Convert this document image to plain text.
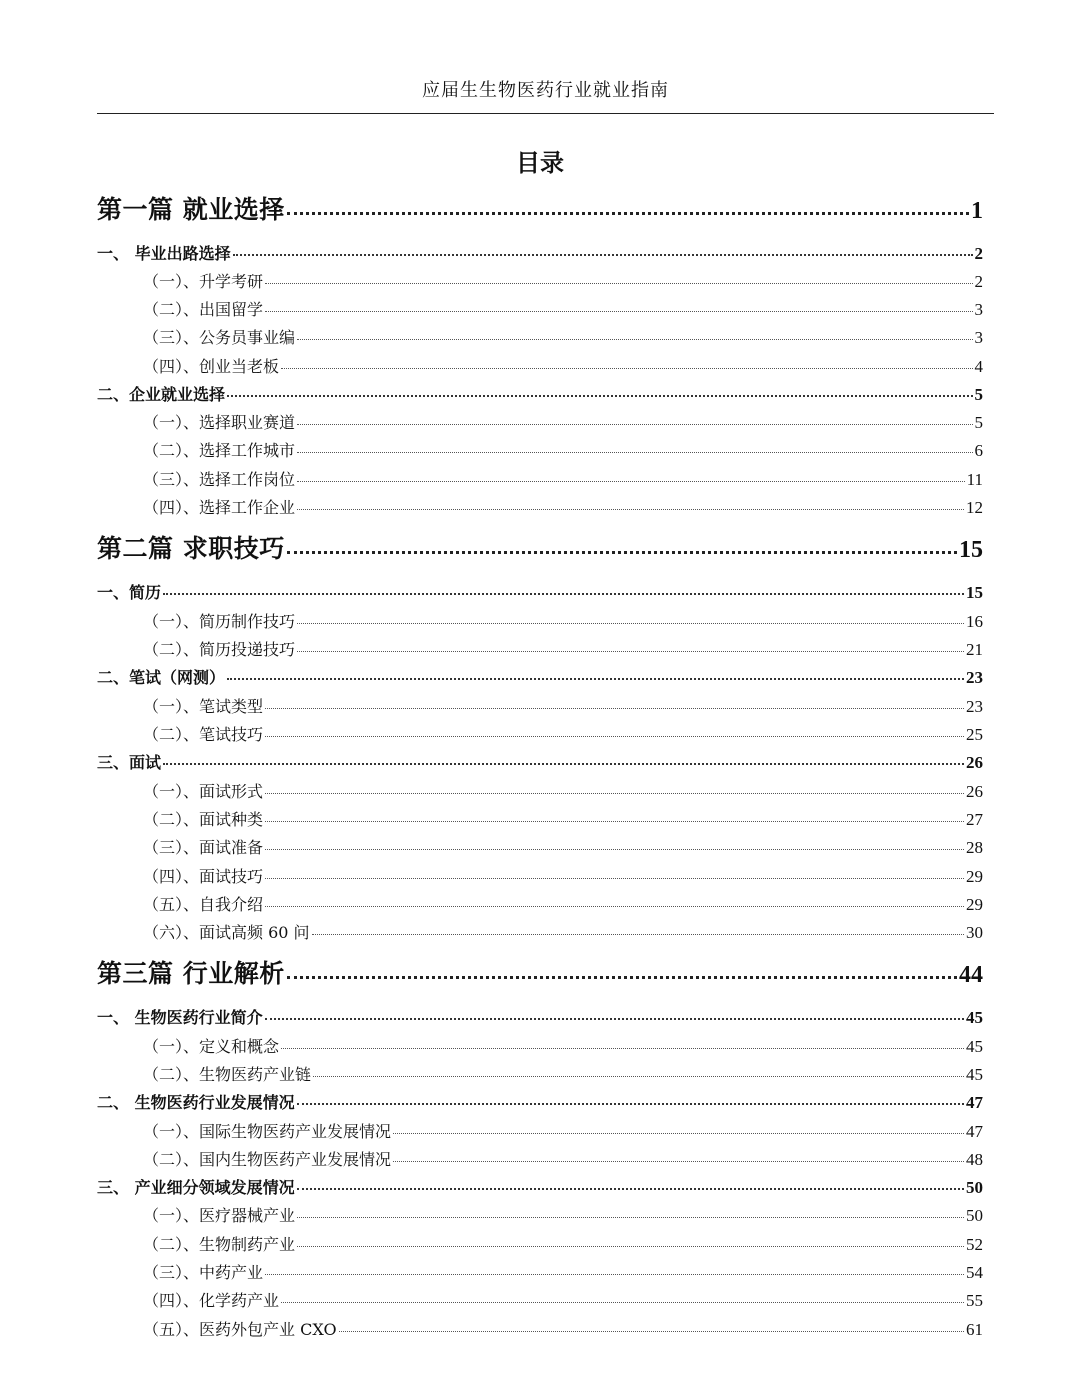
应届生生物医药行业就业指南
目录
第一篇 就业选择	1
一、 毕业出路选择	2
（一）、升学考研	2
（二）、出国留学	3
（三）、公务员事业编	3
（四）、创业当老板	4
二、企业就业选择	5
（一）、选择职业赛道	5
（二）、选择工作城市	6
（三）、选择工作岗位	11
（四）、选择工作企业	12
第二篇 求职技巧	15
一、简历	15
（一）、简历制作技巧	16
（二）、简历投递技巧	21
二、笔试（网测）	23
（一）、笔试类型	23
（二）、笔试技巧	25
三、面试	26
（一）、面试形式	26
（二）、面试种类	27
（三）、面试准备	28
（四）、面试技巧	29
（五）、自我介绍	29
（六）、面试高频 60 问	30
第三篇 行业解析	44
一、 生物医药行业简介	45
（一）、定义和概念	45
（二）、生物医药产业链	45
二、 生物医药行业发展情况	47
（一）、国际生物医药产业发展情况	47
（二）、国内生物医药产业发展情况	48
三、 产业细分领域发展情况	50
（一）、医疗器械产业	50
（二）、生物制药产业	52
（三）、中药产业	54
（四）、化学药产业	55
（五）、医药外包产业 CXO	61
